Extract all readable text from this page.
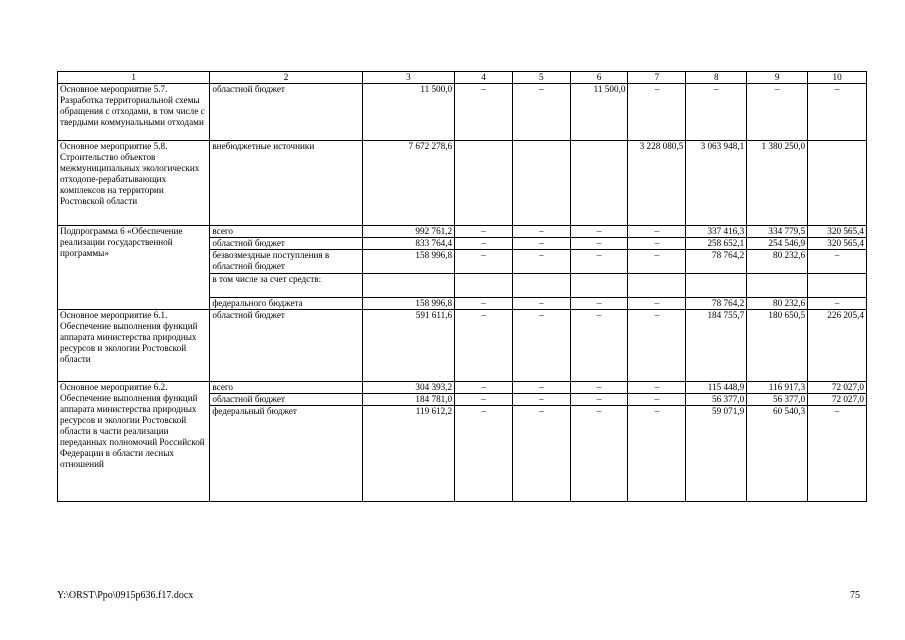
1	2	3	4	5	6	7	8	9	10
Основное мероприятие 5.7. Разработка территориальной схемы обращения с отходами, в том числе с твердыми коммунальными отходами	областной бюджет	11 500,0	–	–	11 500,0	–	–	–	–
Основное мероприятие 5.8. Строительство объектов межмуниципальных экологических отходопе-рерабатывающих комплексов на территории Ростовской области	внебюджетные источники	7 672 278,6				3 228 080,5	3 063 948,1	1 380 250,0	
Подпрограмма 6 «Обеспечение реализации государственной программы»	всего	992 761,2	–	–	–	–	337 416,3	334 779,5	320 565,4
	областной бюджет	833 764,4	–	–	–	–	258 652,1	254 546,9	320 565,4
	безвозмездные поступления в областной бюджет	158 996,8	–	–	–	–	78 764,2	80 232,6	–
	в том числе за счет средств:								
	федерального бюджета	158 996,8	–	–	–	–	78 764,2	80 232,6	–
Основное мероприятие 6.1. Обеспечение выполнения функций аппарата министерства природных ресурсов и экологии Ростовской области	областной бюджет	591 611,6	–	–	–	–	184 755,7	180 650,5	226 205,4
Основное мероприятие 6.2. Обеспечение выполнения функций аппарата министерства природных ресурсов и экологии Ростовской области в части реализации переданных полномочий Российской Федерации в области лесных отношений	всего	304 393,2	–	–	–	–	115 448,9	116 917,3	72 027,0
	областной бюджет	184 781,0	–	–	–	–	56 377,0	56 377,0	72 027,0
	федеральный бюджет	119 612,2	–	–	–	–	59 071,9	60 540,3	–
Y:\ORST\Ppo\0915p636.f17.docx	75
